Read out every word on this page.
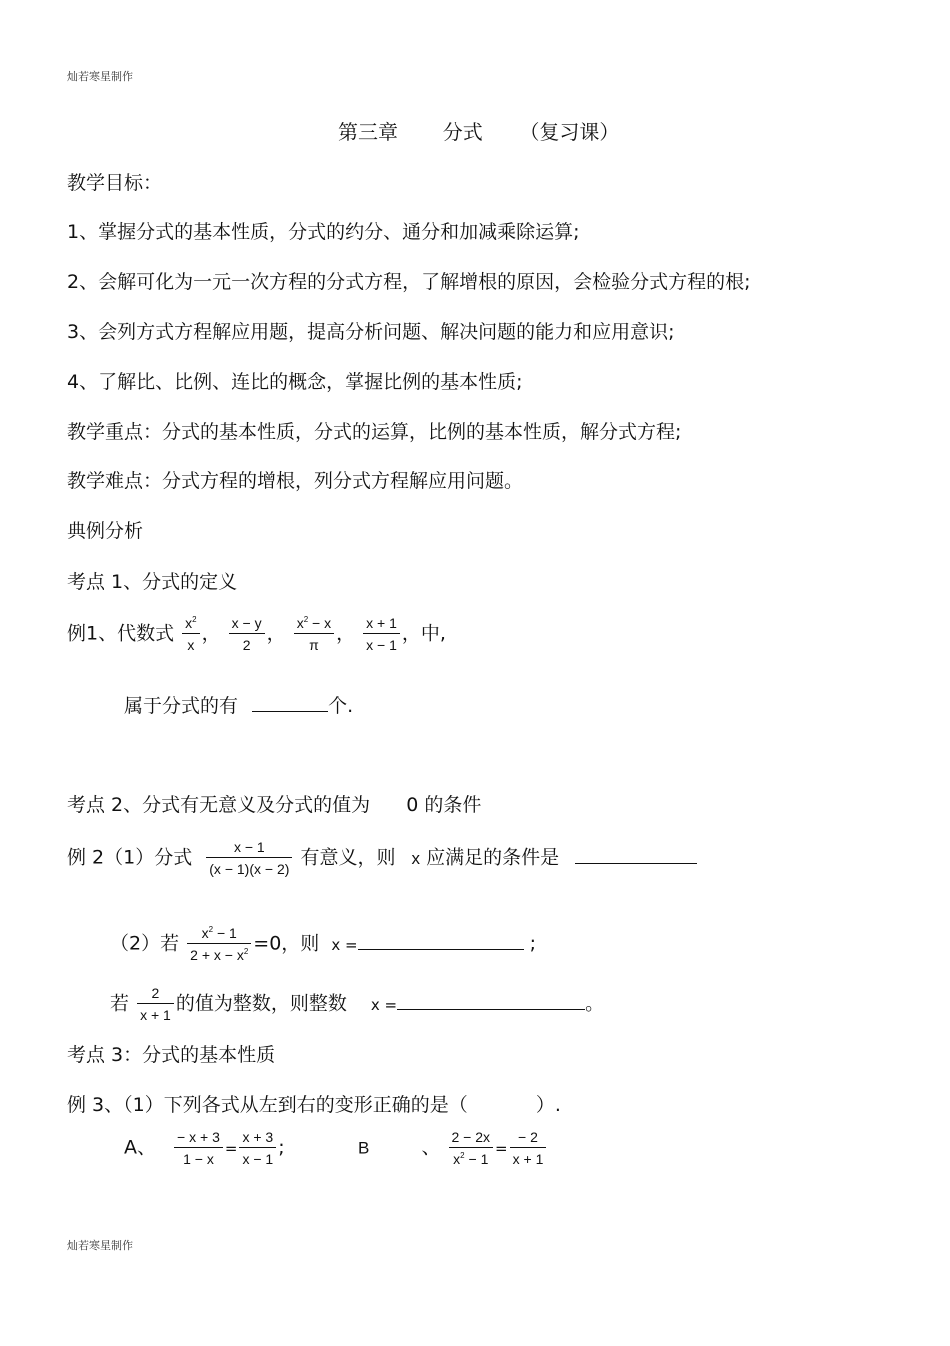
灿若寒星制作
第三章 分式 （复习课）
教学目标：
1、掌握分式的基本性质，分式的约分、通分和加减乘除运算;
2、会解可化为一元一次方程的分式方程，了解增根的原因，会检验分式方程的根;
3、会列方式方程解应用题，提高分析问题、解决问题的能力和应用意识;
4、了解比、比例、连比的概念，掌握比例的基本性质;
教学重点：分式的基本性质，分式的运算，比例的基本性质，解分式方程;
教学难点：分式方程的增根，列分式方程解应用问题。
典例分析
考点 1、分式的定义
例1、代数式 $\frac{x^2}{x}$ ， $\frac{x - y}{2}$ ， $\frac{x^2 - x}{\pi}$ ， $\frac{x + 1}{x - 1}$ ，中,
属于分式的有	个.
考点 2、分式有无意义及分式的值为 0 的条件
例 2（1）分式 $\frac{x - 1}{(x - 1)(x - 2)}$ 有意义，则 x 应满足的条件是
（2）若 $\frac{x^2 - 1}{2 + x - x^2} =0$，则 x =	;
若 $\frac{2}{x + 1}$ 的值为整数，则整数 x =	。
考点 3：分式的基本性质
例 3、（1）下列各式从左到右的变形正确的是（	）.
A、 $\frac{- x + 3}{1 - x} = \frac{x + 3}{x - 1}$ ;	B	、 $\frac{2 - 2x}{x^2 - 1} = \frac{- 2}{x + 1}$
灿若寒星制作
